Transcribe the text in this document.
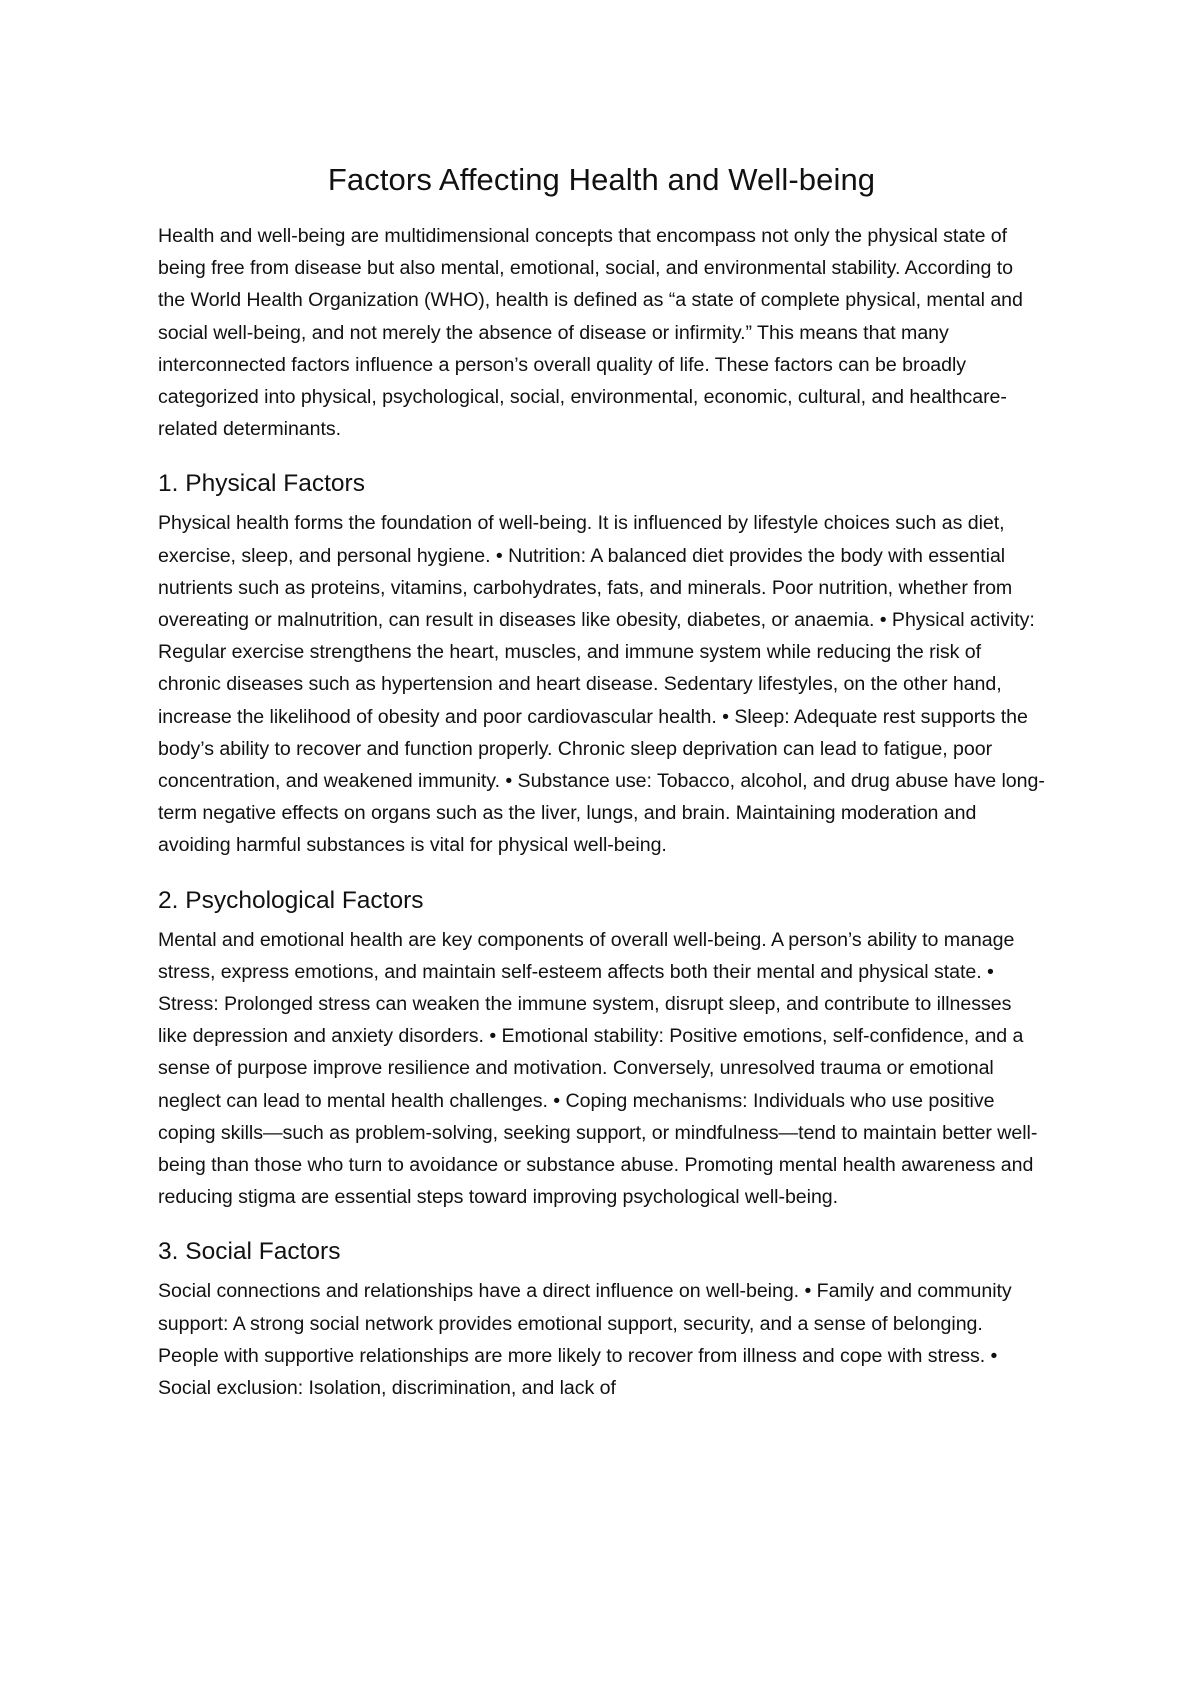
Factors Affecting Health and Well-being

Health and well-being are multidimensional concepts that encompass not only the physical state of being free from disease but also mental, emotional, social, and environmental stability. According to the World Health Organization (WHO), health is defined as “a state of complete physical, mental and social well-being, and not merely the absence of disease or infirmity.” This means that many interconnected factors influence a person’s overall quality of life. These factors can be broadly categorized into physical, psychological, social, environmental, economic, cultural, and healthcare-related determinants.

1. Physical Factors

Physical health forms the foundation of well-being. It is influenced by lifestyle choices such as diet, exercise, sleep, and personal hygiene. • Nutrition: A balanced diet provides the body with essential nutrients such as proteins, vitamins, carbohydrates, fats, and minerals. Poor nutrition, whether from overeating or malnutrition, can result in diseases like obesity, diabetes, or anaemia. • Physical activity: Regular exercise strengthens the heart, muscles, and immune system while reducing the risk of chronic diseases such as hypertension and heart disease. Sedentary lifestyles, on the other hand, increase the likelihood of obesity and poor cardiovascular health. • Sleep: Adequate rest supports the body’s ability to recover and function properly. Chronic sleep deprivation can lead to fatigue, poor concentration, and weakened immunity. • Substance use: Tobacco, alcohol, and drug abuse have long-term negative effects on organs such as the liver, lungs, and brain. Maintaining moderation and avoiding harmful substances is vital for physical well-being.

2. Psychological Factors

Mental and emotional health are key components of overall well-being. A person’s ability to manage stress, express emotions, and maintain self-esteem affects both their mental and physical state. • Stress: Prolonged stress can weaken the immune system, disrupt sleep, and contribute to illnesses like depression and anxiety disorders. • Emotional stability: Positive emotions, self-confidence, and a sense of purpose improve resilience and motivation. Conversely, unresolved trauma or emotional neglect can lead to mental health challenges. • Coping mechanisms: Individuals who use positive coping skills—such as problem-solving, seeking support, or mindfulness—tend to maintain better well-being than those who turn to avoidance or substance abuse. Promoting mental health awareness and reducing stigma are essential steps toward improving psychological well-being.

3. Social Factors

Social connections and relationships have a direct influence on well-being. • Family and community support: A strong social network provides emotional support, security, and a sense of belonging. People with supportive relationships are more likely to recover from illness and cope with stress. • Social exclusion: Isolation, discrimination, and lack of
